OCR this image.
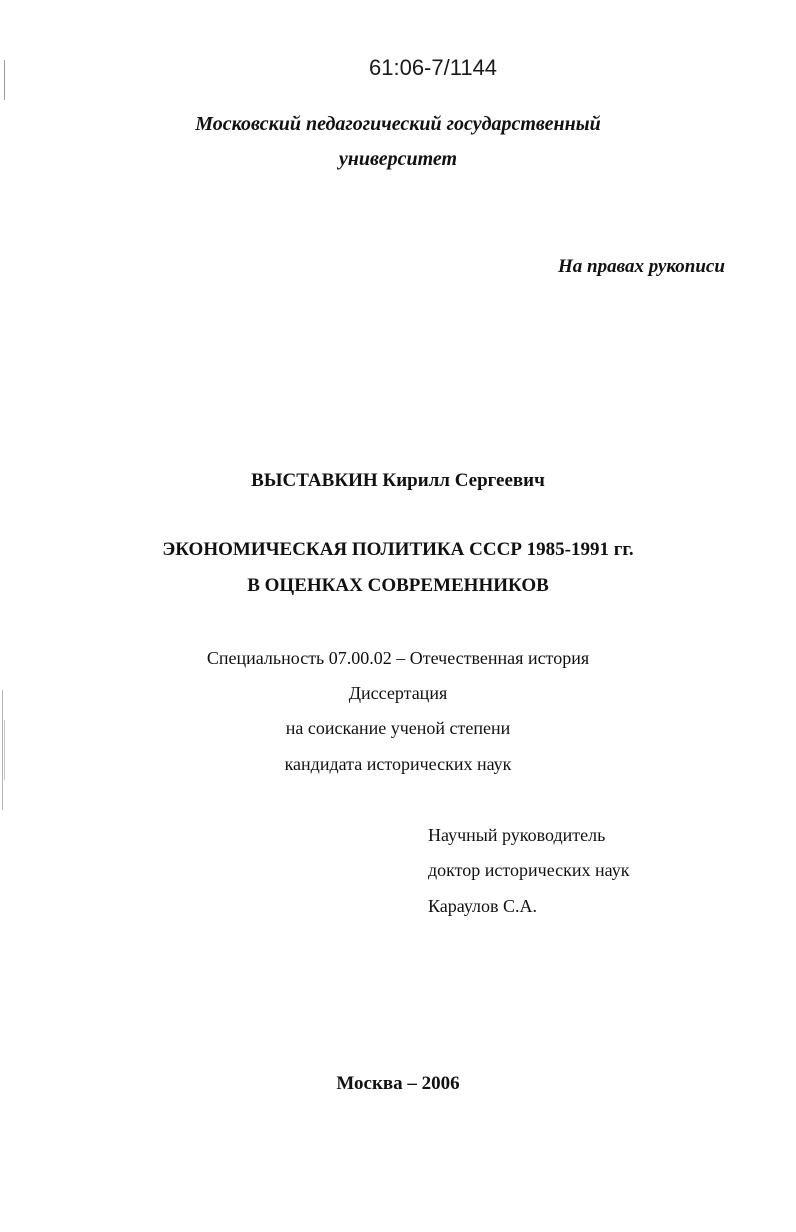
61:06-7/1144
Московский педагогический государственный
университет
На правах рукописи
ВЫСТАВКИН Кирилл Сергеевич
ЭКОНОМИЧЕСКАЯ ПОЛИТИКА СССР 1985-1991 гг.
В ОЦЕНКАХ СОВРЕМЕННИКОВ
Специальность 07.00.02 – Отечественная история
Диссертация
на соискание ученой степени
кандидата исторических наук
Научный руководитель
доктор исторических наук
Караулов С.А.
Москва – 2006
